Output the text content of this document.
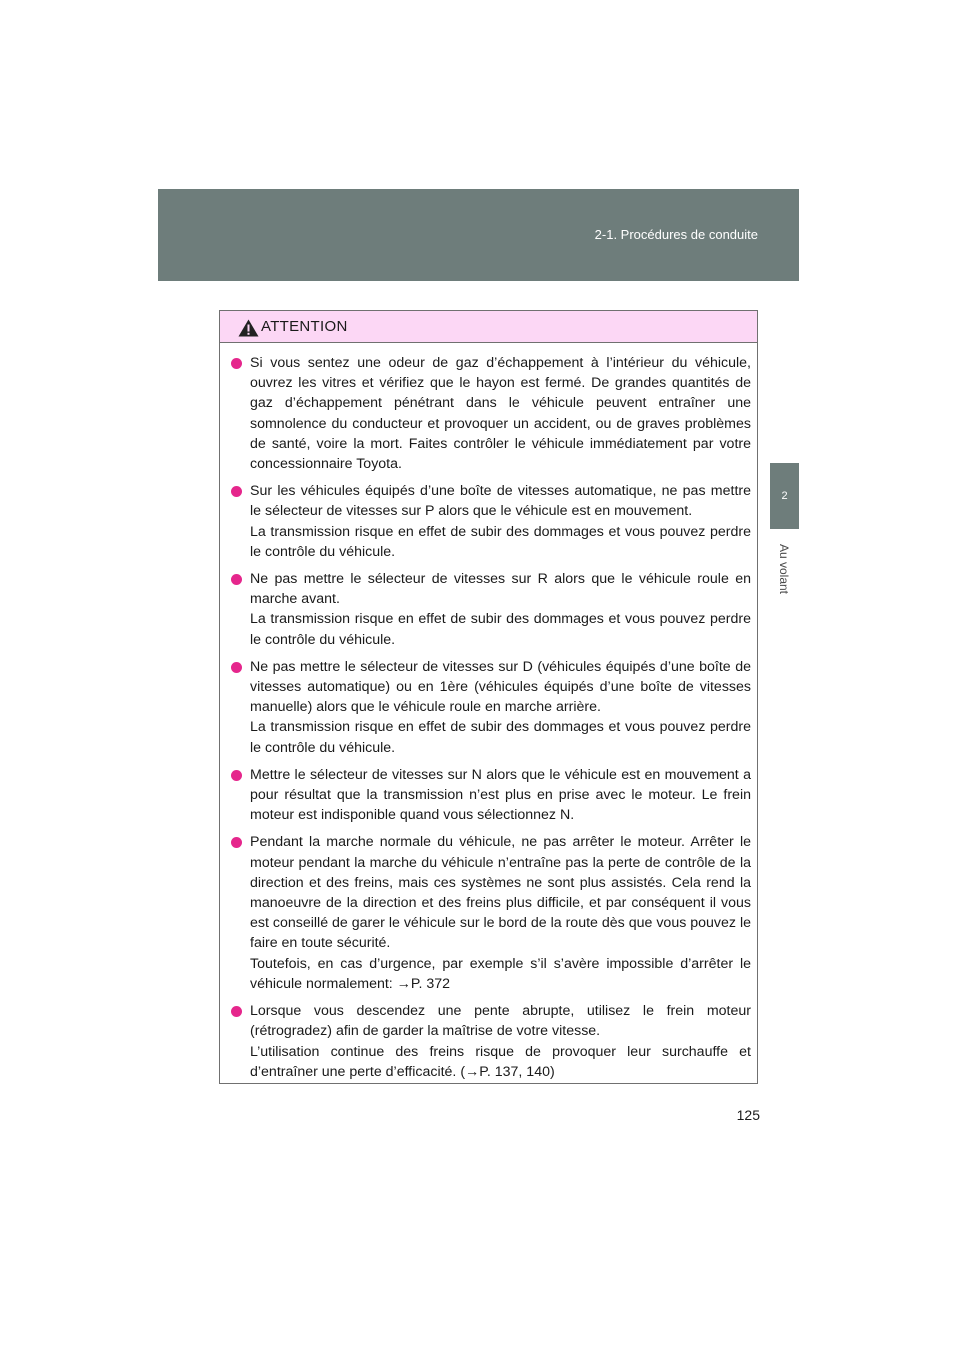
2-1. Procédures de conduite
2
Au volant
ATTENTION
Si vous sentez une odeur de gaz d’échappement à l’intérieur du véhicule, ouvrez les vitres et vérifiez que le hayon est fermé. De grandes quantités de gaz d’échappement pénétrant dans le véhicule peuvent entraîner une somnolence du conducteur et provoquer un accident, ou de graves problèmes de santé, voire la mort. Faites contrôler le véhicule immédiatement par votre concessionnaire Toyota.
Sur les véhicules équipés d’une boîte de vitesses automatique, ne pas mettre le sélecteur de vitesses sur P alors que le véhicule est en mouvement.
La transmission risque en effet de subir des dommages et vous pouvez perdre le contrôle du véhicule.
Ne pas mettre le sélecteur de vitesses sur R alors que le véhicule roule en marche avant.
La transmission risque en effet de subir des dommages et vous pouvez perdre le contrôle du véhicule.
Ne pas mettre le sélecteur de vitesses sur D (véhicules équipés d’une boîte de vitesses automatique) ou en 1ère (véhicules équipés d’une boîte de vitesses manuelle) alors que le véhicule roule en marche arrière.
La transmission risque en effet de subir des dommages et vous pouvez perdre le contrôle du véhicule.
Mettre le sélecteur de vitesses sur N alors que le véhicule est en mouvement a pour résultat que la transmission n’est plus en prise avec le moteur. Le frein moteur est indisponible quand vous sélectionnez N.
Pendant la marche normale du véhicule, ne pas arrêter le moteur. Arrêter le moteur pendant la marche du véhicule n’entraîne pas la perte de contrôle de la direction et des freins, mais ces systèmes ne sont plus assistés. Cela rend la manoeuvre de la direction et des freins plus difficile, et par conséquent il vous est conseillé de garer le véhicule sur le bord de la route dès que vous pouvez le faire en toute sécurité.
Toutefois, en cas d’urgence, par exemple s’il s’avère impossible d’arrêter le véhicule normalement: →P. 372
Lorsque vous descendez une pente abrupte, utilisez le frein moteur (rétrogradez) afin de garder la maîtrise de votre vitesse.
L’utilisation continue des freins risque de provoquer leur surchauffe et d’entraîner une perte d’efficacité. (→P. 137, 140)
125
